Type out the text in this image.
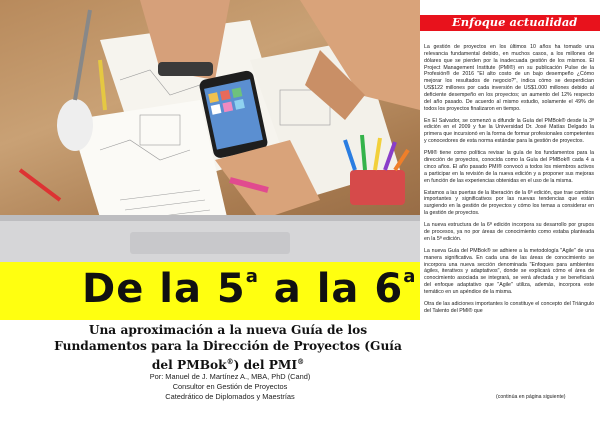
De la 5$^a$ a la 6$^a$
Una aproximación a la nueva Guía de los
Fundamentos para la Dirección de Proyectos (Guía
del PMBok®) del PMI®
Por: Manuel de J. Martínez A., MBA, PhD (Cand)
Consultor en Gestión de Proyectos
Catedrático de Diplomados y Maestrías
Enfoque actualidad

La gestión de proyectos en los últimos 10 años ha tomado una relevancia fundamental debido, en muchos casos, a los millones de dólares que se pierden por la inadecuada gestión de los mismos. El Project Management Institute (PMI®) en su publicación Pulse de la Profesión® de 2016 "El alto costo de un bajo desempeño ¿Cómo mejorar los resultados de negocio?", indica cómo se desperdician US$122 millones por cada inversión de US$1.000 millones debido al deficiente desempeño en los proyectos; un aumento del 12% respecto del año pasado. De acuerdo al mismo estudio, solamente el 49% de todos los proyectos finalizaron en tiempo.

En El Salvador, se comenzó a difundir la Guía del PMBok® desde la 3ª edición en el 2009 y fue la Universidad Dr. José Matías Delgado la primera que incursionó en la forma de formar profesionales competentes y conocedores de esta norma estándar para la gestión de proyectos.

PMI® tiene como política revisar la guía de los fundamentos para la dirección de proyectos, conocida como la Guía del PMBok® cada 4 a cinco años. El año pasado PMI® convocó a todos los miembros activos a participar en la revisión de la nueva edición y a proponer sus mejoras en función de las experiencias obtenidas en el uso de la misma.

Estamos a las puertas de la liberación de la 6ª edición, que trae cambios importantes y significativos por las nuevas tendencias que están surgiendo en la gestión de proyectos y cómo los temas a considerar en la gestión de proyectos.

La nueva estructura de la 6ª edición incorpora su desarrollo por grupos de procesos, ya no por áreas de conocimiento como estaba planteada en la 5ª edición.

La nueva Guía del PMBok® se adhiere a la metodología "Agile" de una manera significativa. En cada una de las áreas de conocimiento se incorpora una nueva sección denominada "Enfoques para ambientes ágiles, iterativos y adaptativos", donde se explicará cómo el área de conocimiento asociada se integrará, se verá afectada y se beneficiará del enfoque adaptativo que "Agile" utiliza, además, incorpora este temático en un apéndice de la misma.

Otra de las adiciones importantes lo constituye el concepto del Triángulo del Talento del PMI® que

(continúa en página siguiente)
